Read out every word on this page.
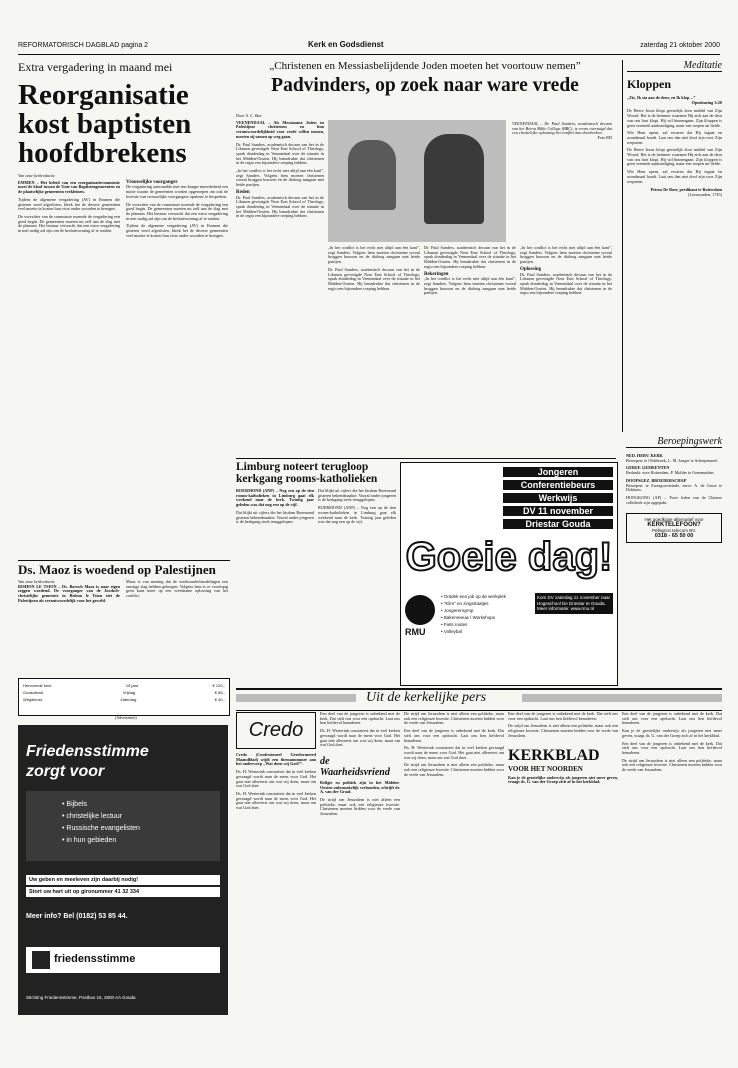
REFORMATORISCH DAGBLAD pagina 2	Kerk en Godsdienst	zaterdag 21 oktober 2000
Extra vergadering in maand mei
Reorganisatie kost baptisten hoofdbrekens
Van onze kerkredactie
EMMEN – Het beleid van een reorganisatiecommissie moet de kloof tussen de Unie van Baptistengemeenten en de plaatselijke gemeenten verkleinen.
Tijdens de algemene vergadering (AV) in Emmen die gisteren werd afgesloten, bleek het de diverse gemeenten veel moeite te kosten hun visie onder woorden te brengen.
De voorzitter van de commissie noemde de vergadering een goed begin. De gemeenten moeten nu zelf aan de slag met de plannen. Het bestuur verwacht dat een extra vergadering in mei nodig zal zijn om de besluitvorming af te ronden.
Vrouwelijke voorganger
De vergadering aanvaardde met een krappe meerderheid een motie waarin de gemeenten worden opgeroepen om ook de kwestie van vrouwelijke voorgangers opnieuw te bespreken.
De voorzitter van de commissie noemde de vergadering een goed begin. De gemeenten moeten nu zelf aan de slag met de plannen. Het bestuur verwacht dat een extra vergadering in mei nodig zal zijn om de besluitvorming af te ronden.
Tijdens de algemene vergadering (AV) in Emmen die gisteren werd afgesloten, bleek het de diverse gemeenten veel moeite te kosten hun visie onder woorden te brengen.
Ds. Maoz is woedend op Palestijnen
Van onze kerkredactie
RISHON LE TSION – Ds. Baruch Maoz is naar eigen zeggen woedend. De voorganger van de Joodsch-christelijke gemeente in Rishon le Tsion ziet de Palestijnen als verantwoordelijk voor het geweld.
Maoz is van mening dat de vredesonderhandelingen een ernstige slag hebben gekregen. Volgens hem is er voorlopig geen kans meer op een vreedzame oplossing van het conflict.
Hervormde kerk	15 jaar	€ 120,-
Godsdienst	Vrijdag	€ 85,-
Wegdienst	Zaterdag	€ 40,-
(Advertentie)
Friedensstimme
zorgt voor
• Bijbels
• christelijke lectuur
• Russische evangelisten
• in hun gebieden
Uw geben en meeleven zijn daarbij nodig!
Stort uw hart uit op gironummer 41 32 334
Meer info? Bel (0182) 53 85 44.
friedensstimme
Stichting Friedensstimme, Postbus 15, 2800 AA Gouda
„Christenen en Messiasbelijdende Joden moeten het voortouw nemen”
Padvinders, op zoek naar ware vrede
Door S. C. Bax
VEENENDAAL – Als Messiaanse Joden en Palestijnse christenen en hun verantwoordelijkheid voor vrede willen nemen, moeten zij samen op weg gaan.
Dr. Paul Sanders, academisch decaan van het in de Libanon gevestigde Near East School of Theology, sprak donderdag in Veenendaal over de situatie in het Midden-Oosten. Hij benadrukte dat christenen in de regio een bijzondere roeping hebben.
„In het conflict is het recht niet altijd aan één kant”, zegt Sanders. Volgens hem moeten christenen vooral bruggen bouwen en de dialoog aangaan met beide partijen.
Reden
Dr. Paul Sanders, academisch decaan van het in de Libanon gevestigde Near East School of Theology, sprak donderdag in Veenendaal over de situatie in het Midden-Oosten. Hij benadrukte dat christenen in de regio een bijzondere roeping hebben.
VEENENDAAL – Dr. Paul Sanders, academisch decaan van het Beirut Bible College (BBC), is ervan overtuigd dat een christelijke oplossing het conflict kan doorbreken.
Foto RD
„In het conflict is het recht niet altijd aan één kant”, zegt Sanders. Volgens hem moeten christenen vooral bruggen bouwen en de dialoog aangaan met beide partijen.
Dr. Paul Sanders, academisch decaan van het in de Libanon gevestigde Near East School of Theology, sprak donderdag in Veenendaal over de situatie in het Midden-Oosten. Hij benadrukte dat christenen in de regio een bijzondere roeping hebben.
Dr. Paul Sanders, academisch decaan van het in de Libanon gevestigde Near East School of Theology, sprak donderdag in Veenendaal over de situatie in het Midden-Oosten. Hij benadrukte dat christenen in de regio een bijzondere roeping hebben.
Bekeringen
„In het conflict is het recht niet altijd aan één kant”, zegt Sanders. Volgens hem moeten christenen vooral bruggen bouwen en de dialoog aangaan met beide partijen.
„In het conflict is het recht niet altijd aan één kant”, zegt Sanders. Volgens hem moeten christenen vooral bruggen bouwen en de dialoog aangaan met beide partijen.
Oplossing
Dr. Paul Sanders, academisch decaan van het in de Libanon gevestigde Near East School of Theology, sprak donderdag in Veenendaal over de situatie in het Midden-Oosten. Hij benadrukte dat christenen in de regio een bijzondere roeping hebben.
Limburg noteert terugloop kerkgang rooms-katholieken
ROERMOND (ANP) – Nog een op de tien rooms-katholieken in Limburg gaat elk weekend naar de kerk. Twintig jaar geleden was dat nog een op de vijf.
Dat blijkt uit cijfers die het bisdom Roermond gisteren bekendmaakte. Vooral onder jongeren is de kerkgang sterk teruggelopen.
Dat blijkt uit cijfers die het bisdom Roermond gisteren bekendmaakte. Vooral onder jongeren is de kerkgang sterk teruggelopen.
ROERMOND (ANP) – Nog een op de tien rooms-katholieken in Limburg gaat elk weekend naar de kerk. Twintig jaar geleden was dat nog een op de vijf.
Jongeren
Conferentiebeurs
Werkwijs
DV 11 november
Driestar Gouda
Goeie dag!
RMU
• Ontdek een job op de werkplek
• "Klim" en zingstraatjes
• Jongerensymp
• Bakenreeuw / Workshops
• Fiets routes
• Volleybal
Kom DV zaterdag 11 november naar Hogeschool De Driestar te Gouda. Meer informatie: www.rmu.nl
Meditatie
Kloppen
„Zie, Ik sta aan de deur, en Ik klop…”
Openbaring 3:20
De Heere Jezus klopt geestelijk door middel van Zijn Woord. Het is de herinner waarmee Hij zich aan de deur van ons hart klopt. Hij wil binnengaan. Zijn kloppen is geen vreemde aankondiging, maar een roepen uit liefde.
Wie Hem opent, zal ervaren dat Hij ingaat en avondmaal houdt. Laat ons dan niet doof zijn voor Zijn roepstem.
De Heere Jezus klopt geestelijk door middel van Zijn Woord. Het is de herinner waarmee Hij zich aan de deur van ons hart klopt. Hij wil binnengaan. Zijn kloppen is geen vreemde aankondiging, maar een roepen uit liefde.
Wie Hem opent, zal ervaren dat Hij ingaat en avondmaal houdt. Laat ons dan niet doof zijn voor Zijn roepstem.
Petrus De Boer, predikant te Rotterdam
(Leeuwarden, 1745)
Beroepingswerk
NED. HERV. KERK
Beroepen: te Oldebroek, L. M. Jonger te Scherpenzeel.
GEREF. GEMEENTEN
Bedankt: voor Rotterdam, P. Mulder te Genemuiden.
DOOPSGEZ. BROEDERSCHAP
Beroepen: te Zwaagwesteinde, mevr. A. de Groot te Dokkum.
HONGKONG (AP) – Twee leden van de Chinese volkskerk zijn opgepakt.
Het goedkope alternatief voor
KERKTELEFOON?
Pellegron telecom BV.
0318 - 65 50 00
Uit de kerkelijke pers
Credo
Credo (Confessioneel Gereformeerd Maandblad) wijdt een themanummer aan het onderwerp „Wat doen wij God?”.
Ds. H. Westerink constateert dat in veel kerken gevraagd wordt naar de mens voor God. Het gaat niet allereerst om wat wij doen, maar om wat God doet.
Ds. H. Westerink constateert dat in veel kerken gevraagd wordt naar de mens voor God. Het gaat niet allereerst om wat wij doen, maar om wat God doet.
Een deel van de jongeren is onbekend met de kerk. Dat stelt ons voor een opdracht. Laat ons hen liefdevol benaderen.
Ds. H. Westerink constateert dat in veel kerken gevraagd wordt naar de mens voor God. Het gaat niet allereerst om wat wij doen, maar om wat God doet.
de Waarheidsvriend
Religie en politiek zijn in het Midden-Oosten onlosmakelijk verbonden, schrijft dr. A. van der Graaf.
De strijd om Jeruzalem is niet alleen een politieke, maar ook een religieuze kwestie. Christenen moeten bidden voor de vrede van Jeruzalem.
De strijd om Jeruzalem is niet alleen een politieke, maar ook een religieuze kwestie. Christenen moeten bidden voor de vrede van Jeruzalem.
Een deel van de jongeren is onbekend met de kerk. Dat stelt ons voor een opdracht. Laat ons hen liefdevol benaderen.
Ds. H. Westerink constateert dat in veel kerken gevraagd wordt naar de mens voor God. Het gaat niet allereerst om wat wij doen, maar om wat God doet.
De strijd om Jeruzalem is niet alleen een politieke, maar ook een religieuze kwestie. Christenen moeten bidden voor de vrede van Jeruzalem.
Een deel van de jongeren is onbekend met de kerk. Dat stelt ons voor een opdracht. Laat ons hen liefdevol benaderen.
De strijd om Jeruzalem is niet alleen een politieke, maar ook een religieuze kwestie. Christenen moeten bidden voor de vrede van Jeruzalem.
KERKBLAD
VOOR HET NOORDEN
Kan je de geestelijke onderwijs als jongeren niet meer geven, vraagt ds. G. van der Groep zich af in het kerkblad.
Een deel van de jongeren is onbekend met de kerk. Dat stelt ons voor een opdracht. Laat ons hen liefdevol benaderen.
Kan je de geestelijke onderwijs als jongeren niet meer geven, vraagt ds. G. van der Groep zich af in het kerkblad.
Een deel van de jongeren is onbekend met de kerk. Dat stelt ons voor een opdracht. Laat ons hen liefdevol benaderen.
De strijd om Jeruzalem is niet alleen een politieke, maar ook een religieuze kwestie. Christenen moeten bidden voor de vrede van Jeruzalem.
